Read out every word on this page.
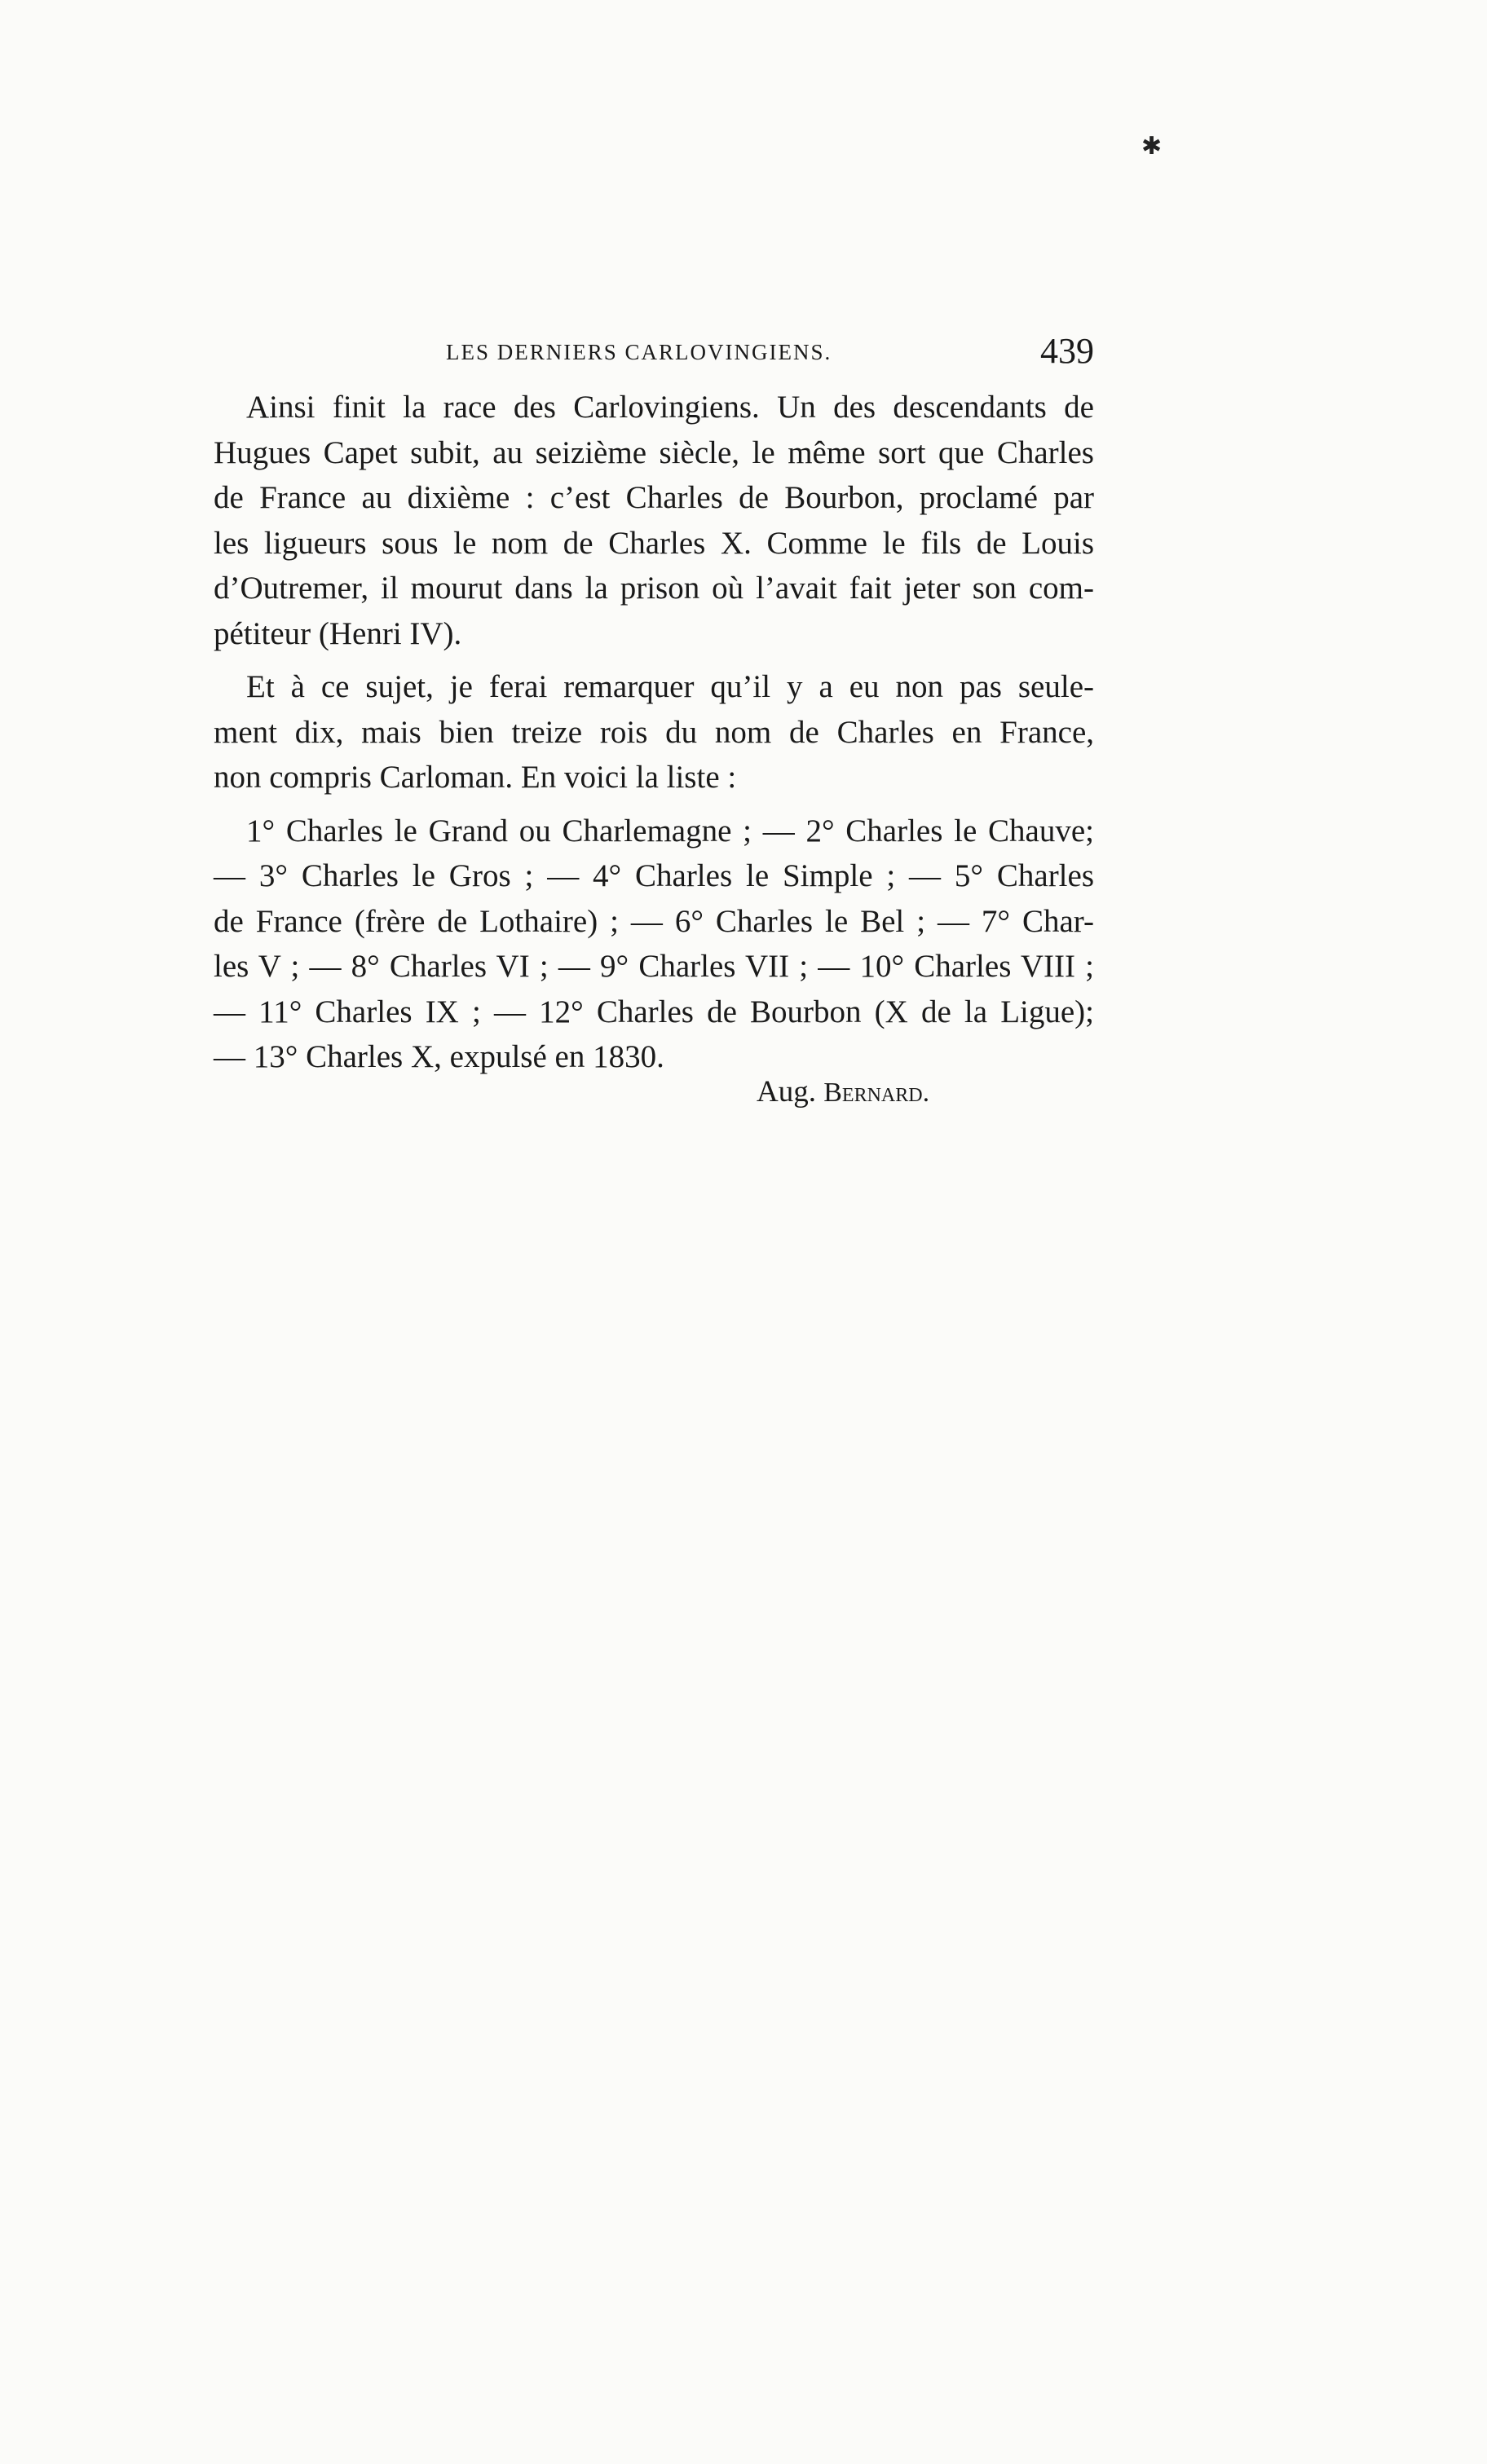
✱
LES DERNIERS CARLOVINGIENS.	439
Ainsi finit la race des Carlovingiens. Un des descendants de
Hugues Capet subit, au seizième siècle, le même sort que Charles
de France au dixième : c’est Charles de Bourbon, proclamé par
les ligueurs sous le nom de Charles X. Comme le fils de Louis
d’Outremer, il mourut dans la prison où l’avait fait jeter son com-
pétiteur (Henri IV).
Et à ce sujet, je ferai remarquer qu’il y a eu non pas seule-
ment dix, mais bien treize rois du nom de Charles en France,
non compris Carloman. En voici la liste :
1° Charles le Grand ou Charlemagne ; — 2° Charles le Chauve;
— 3° Charles le Gros ; — 4° Charles le Simple ; — 5° Charles
de France (frère de Lothaire) ; — 6° Charles le Bel ; — 7° Char-
les V ; — 8° Charles VI ; — 9° Charles VII ; — 10° Charles VIII ;
— 11° Charles IX ; — 12° Charles de Bourbon (X de la Ligue);
— 13° Charles X, expulsé en 1830.
Aug. Bernard.
